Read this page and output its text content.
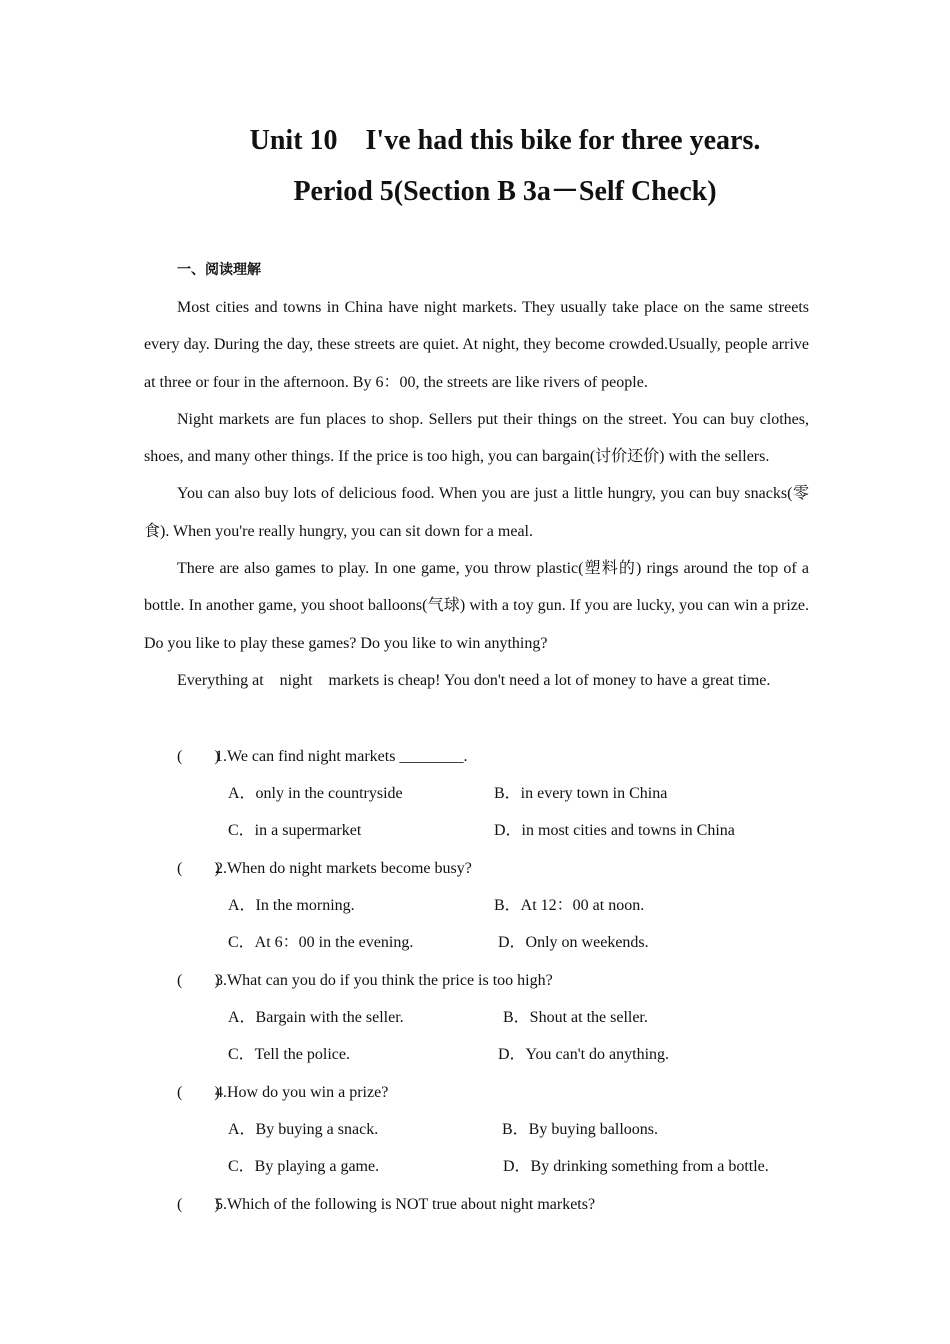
Unit 10　I've had this bike for three years.
Period 5(Section B 3a－Self Check)
一、阅读理解

Most cities and towns in China have night markets. They usually take place on the same streets every day. During the day, these streets are quiet. At night, they become crowded.Usually, people arrive at three or four in the afternoon. By 6：00, the streets are like rivers of people.

Night markets are fun places to shop. Sellers put their things on the street. You can buy clothes, shoes, and many other things. If the price is too high, you can bargain(讨价还价) with the sellers.

You can also buy lots of delicious food. When you are just a little hungry, you can buy snacks(零食). When you're really hungry, you can sit down for a meal.

There are also games to play. In one game, you throw plastic(塑料的) rings around the top of a bottle. In another game, you shoot balloons(气球) with a toy gun. If you are lucky, you can win a prize. Do you like to play these games? Do you like to win anything?

Everything at　night　markets is cheap! You don't need a lot of money to have a great time.

(　　)1.We can find night markets ________.
A．only in the countryside	B．in every town in China
C．in a supermarket	D．in most cities and towns in China
(　　)2.When do night markets become busy?
A．In the morning.	B．At 12：00 at noon.
C．At 6：00 in the evening.	D．Only on weekends.
(　　)3.What can you do if you think the price is too high?
A．Bargain with the seller.	B．Shout at the seller.
C．Tell the police.	D．You can't do anything.
(　　)4.How do you win a prize?
A．By buying a snack.	B．By buying balloons.
C．By playing a game.	D．By drinking something from a bottle.
(　　)5.Which of the following is NOT true about night markets?
